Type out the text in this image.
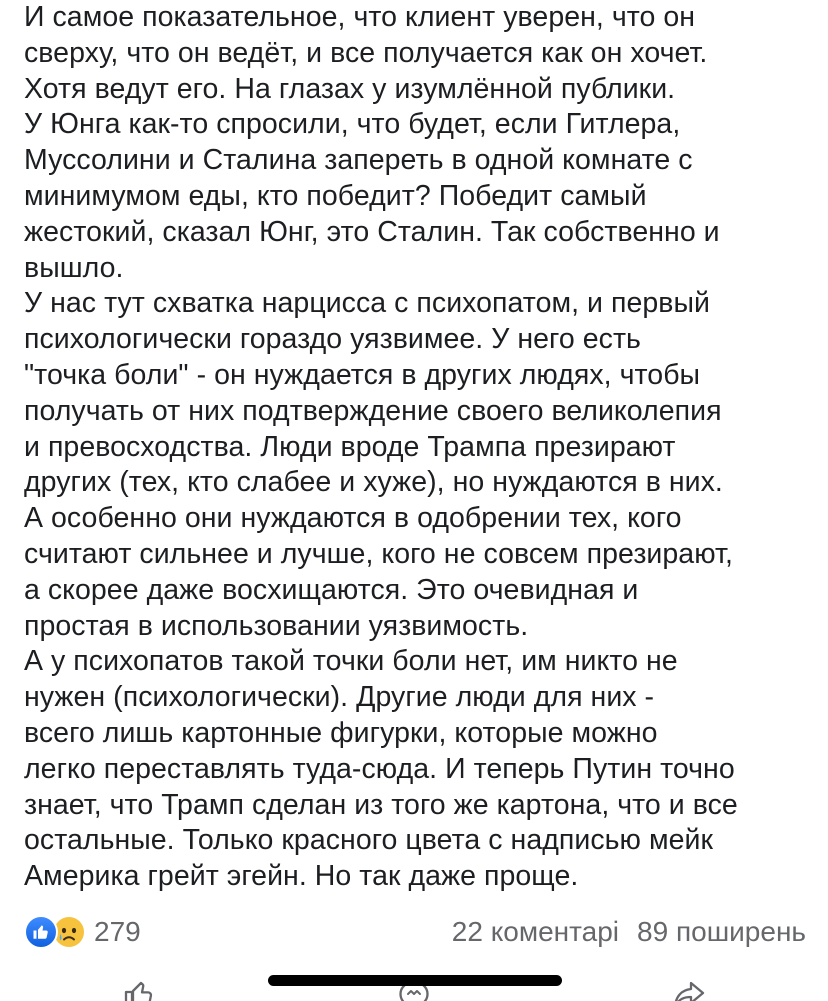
И самое показательное, что клиент уверен, что он
сверху, что он ведёт, и все получается как он хочет.
Хотя ведут его. На глазах у изумлённой публики.
У Юнга как-то спросили, что будет, если Гитлера,
Муссолини и Сталина запереть в одной комнате с
минимумом еды, кто победит? Победит самый
жестокий, сказал Юнг, это Сталин. Так собственно и
вышло.
У нас тут схватка нарцисса с психопатом, и первый
психологически гораздо уязвимее. У него есть
"точка боли" - он нуждается в других людях, чтобы
получать от них подтверждение своего великолепия
и превосходства. Люди вроде Трампа презирают
других (тех, кто слабее и хуже), но нуждаются в них.
А особенно они нуждаются в одобрении тех, кого
считают сильнее и лучше, кого не совсем презирают,
а скорее даже восхищаются. Это очевидная и
простая в использовании уязвимость.
А у психопатов такой точки боли нет, им никто не
нужен (психологически). Другие люди для них -
всего лишь картонные фигурки, которые можно
легко переставлять туда-сюда. И теперь Путин точно
знает, что Трамп сделан из того же картона, что и все
остальные. Только красного цвета с надписью мейк
Америка грейт эгейн. Но так даже проще.
279	22 коментарі 89 поширень
